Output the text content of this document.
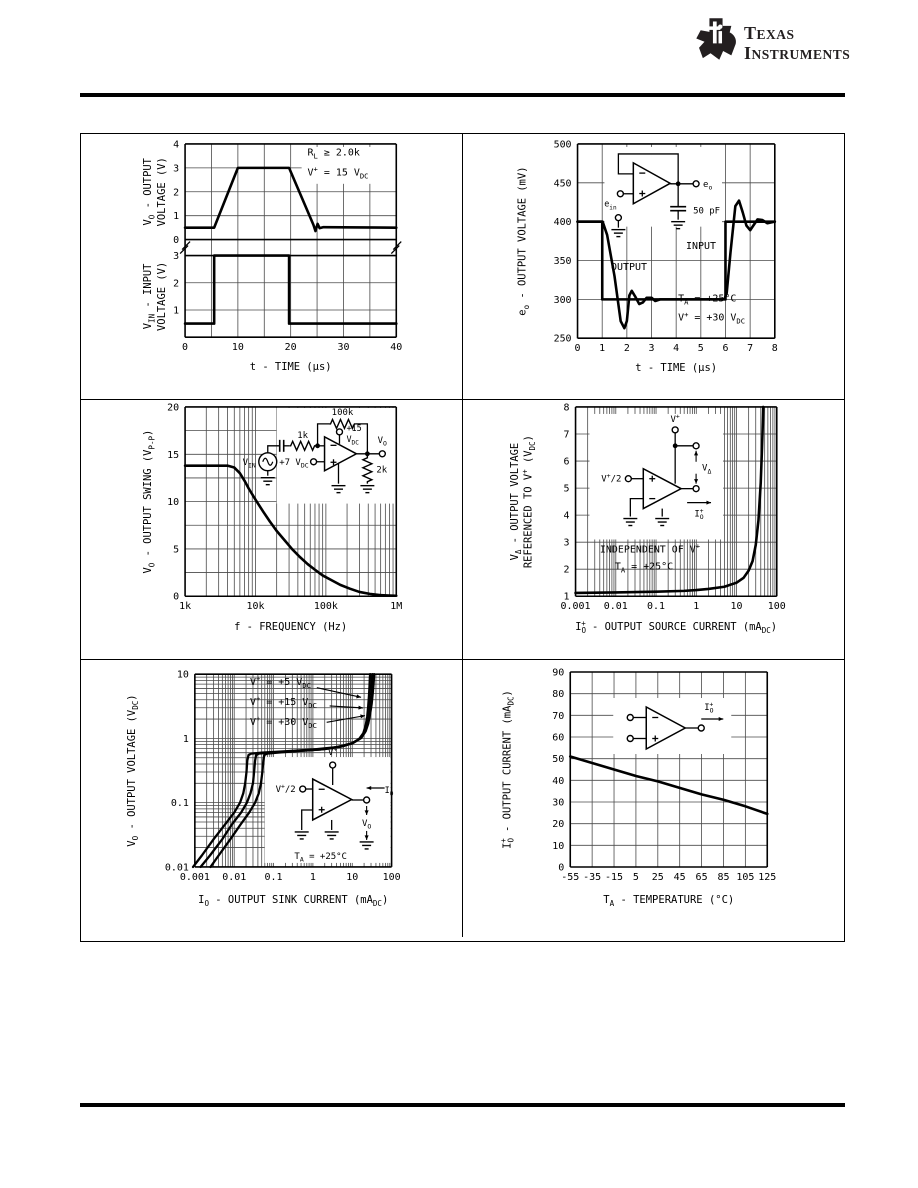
TEXAS
INSTRUMENTS
0	10	20	30	40
0
1
2
3
4
1
2
3
t - TIME (μs)
$V_O$ - OUTPUT VOLTAGE (V)
$V_{IN}$ - INPUT VOLTAGE (V)
$R_L \ge 2.0k$
V+ = 15 $V_{DC}$
0 1 2 3 4 5 6 7 8
250
300
350
400
450
500
t - TIME (μs)
$e_o$ - OUTPUT VOLTAGE (mV)	OUTPUT
INPUT
$T_A = +25^\circ C$
V+ = +30 $V_{DC}$
$e_o$
50 pF
$e_{in}$
1k	10k	100k	1M
0
5
10
15
20
f - FREQUENCY (Hz)
$V_O$ - OUTPUT SWING $(V_{P-P})$
$V_{IN}$
1k
100k
+15
$V_{DC}$
+7 $V_{DC}$
$V_O$
2k
0.001 0.01 0.1	1	10	100
1
2
3
4
5
6
7
8
$I_O+$ - OUTPUT SOURCE CURRENT $(mA_{DC})$
$V_\Delta$ - OUTPUT VOLTAGE REFERENCED TO V+ $(V_{DC})$
INDEPENDENT OF V+
$T_A = +25^\circ C$
V+
V+/2
$V_\Delta$
$I_O+$
0.001 0.01 0.1	1	10 100
0.01
0.1
1
10
$I_O$ - OUTPUT SINK CURRENT $(mA_{DC})$
$V_O$ - OUTPUT VOLTAGE $(V_{DC})$
V+ = +5 $V_{DC}$
V+ = +15 $V_{DC}$
V+ = +30 $V_{DC}$
V+
V+/2	$I_O-$
$V_O$
$T_A = +25^\circ C$
-55 -35 -15 5 25 45 65 85 105 125
0
10
20
30
40
50
60
70
80
90
$T_A$ - TEMPERATURE (°C)
$I_O+$ - OUTPUT CURRENT $(mA_{DC})$
$I_O+$
